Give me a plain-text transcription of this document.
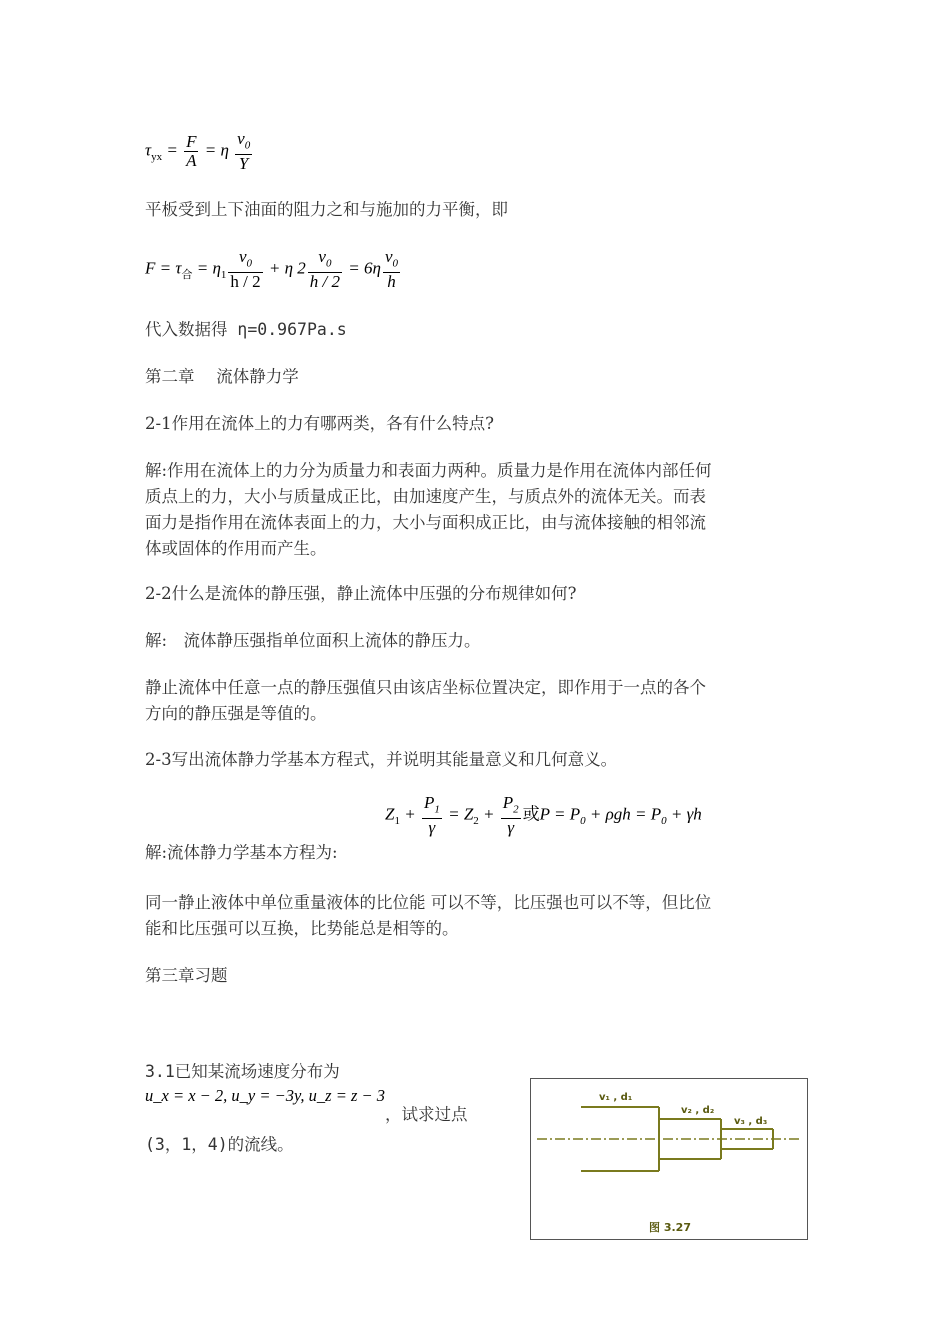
$\tau_{yx} = \frac{F}{A} = \eta \frac{\nu_0}{Y}$

平板受到上下油面的阻力之和与施加的力平衡，即

$F = \tau_合 = \eta_1 \frac{\nu_0}{h / 2} + \eta$ $2 \frac{\nu_0}{h / 2} = 6\eta \frac{\nu_0}{h}$

代入数据得 η=0.967Pa.s

第二章　 流体静力学

2-1作用在流体上的力有哪两类，各有什么特点?

解:作用在流体上的力分为质量力和表面力两种。质量力是作用在流体内部任何

质点上的力，大小与质量成正比，由加速度产生，与质点外的流体无关。而表

面力是指作用在流体表面上的力，大小与面积成正比，由与流体接触的相邻流

体或固体的作用而产生。

2-2什么是流体的静压强，静止流体中压强的分布规律如何?

解:　流体静压强指单位面积上流体的静压力。

静止流体中任意一点的静压强值只由该店坐标位置决定，即作用于一点的各个

方向的静压强是等值的。

2-3写出流体静力学基本方程式，并说明其能量意义和几何意义。

$Z_1 + \frac{P_1}{\gamma} = Z_2 + \frac{P_2}{\gamma}$ 或$P = P_0 + \rho gh = P_0 + \gamma h$

解:流体静力学基本方程为:

同一静止液体中单位重量液体的比位能 可以不等，比压强也可以不等，但比位

能和比压强可以互换，比势能总是相等的。

第三章习题

3.1已知某流场速度分布为

u_x = x − 2, u_y = −3y, u_z = z − 3

，试求过点

(3，1，4)的流线。

v₁ , d₁
v₂ , d₂
v₃ , d₃
图 3.27
